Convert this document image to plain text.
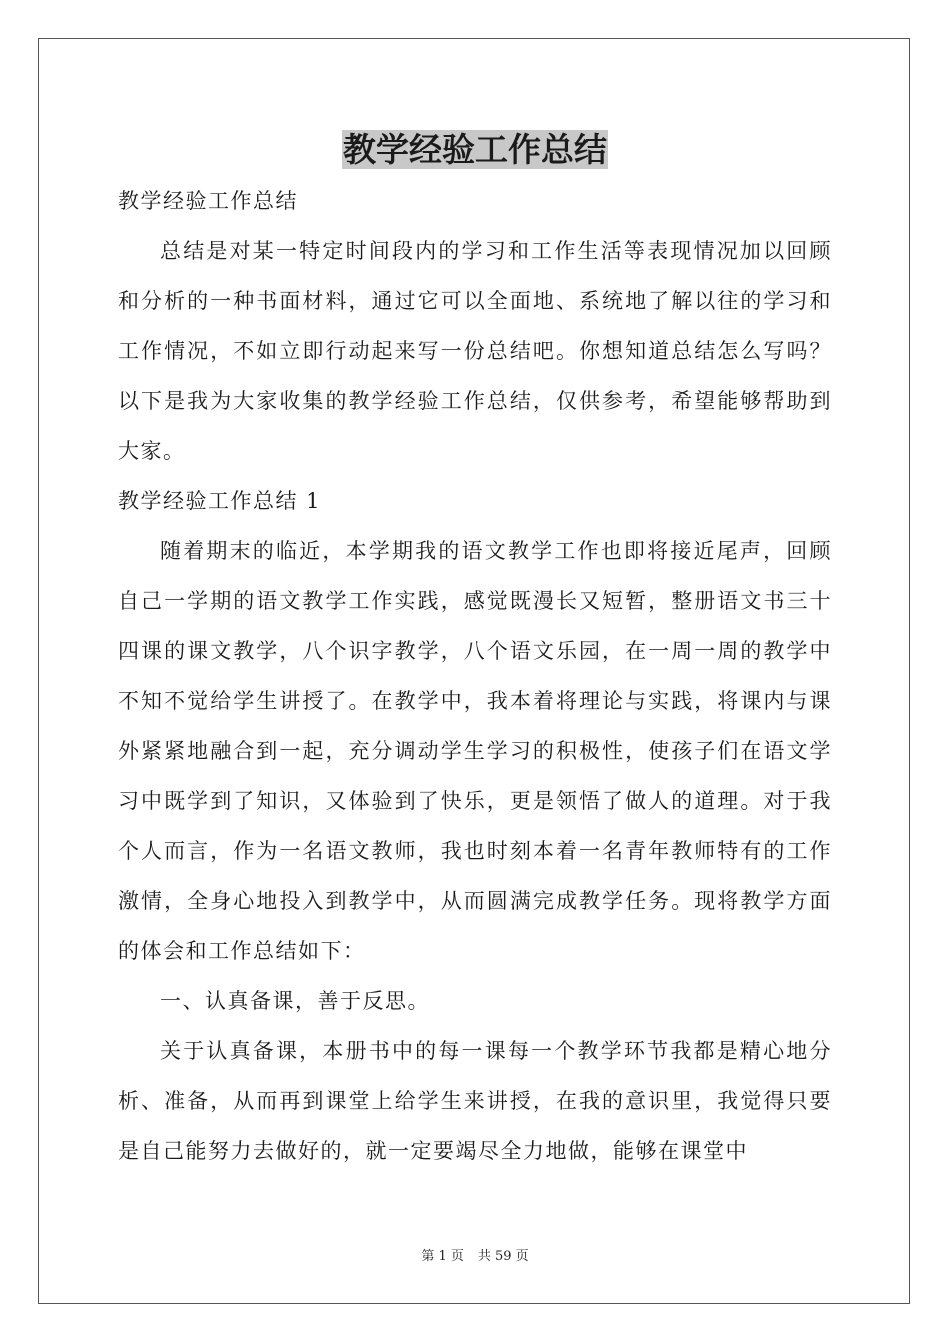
教学经验工作总结

教学经验工作总结

总结是对某一特定时间段内的学习和工作生活等表现情况加以回顾和分析的一种书面材料，通过它可以全面地、系统地了解以往的学习和工作情况，不如立即行动起来写一份总结吧。你想知道总结怎么写吗？以下是我为大家收集的教学经验工作总结，仅供参考，希望能够帮助到大家。

教学经验工作总结 1

随着期末的临近，本学期我的语文教学工作也即将接近尾声，回顾自己一学期的语文教学工作实践，感觉既漫长又短暂，整册语文书三十四课的课文教学，八个识字教学，八个语文乐园，在一周一周的教学中不知不觉给学生讲授了。在教学中，我本着将理论与实践，将课内与课外紧紧地融合到一起，充分调动学生学习的积极性，使孩子们在语文学习中既学到了知识，又体验到了快乐，更是领悟了做人的道理。对于我个人而言，作为一名语文教师，我也时刻本着一名青年教师特有的工作激情，全身心地投入到教学中，从而圆满完成教学任务。现将教学方面的体会和工作总结如下：

一、认真备课，善于反思。

关于认真备课，本册书中的每一课每一个教学环节我都是精心地分析、准备，从而再到课堂上给学生来讲授，在我的意识里，我觉得只要是自己能努力去做好的，就一定要竭尽全力地做，能够在课堂中

第 1 页 共 59 页
